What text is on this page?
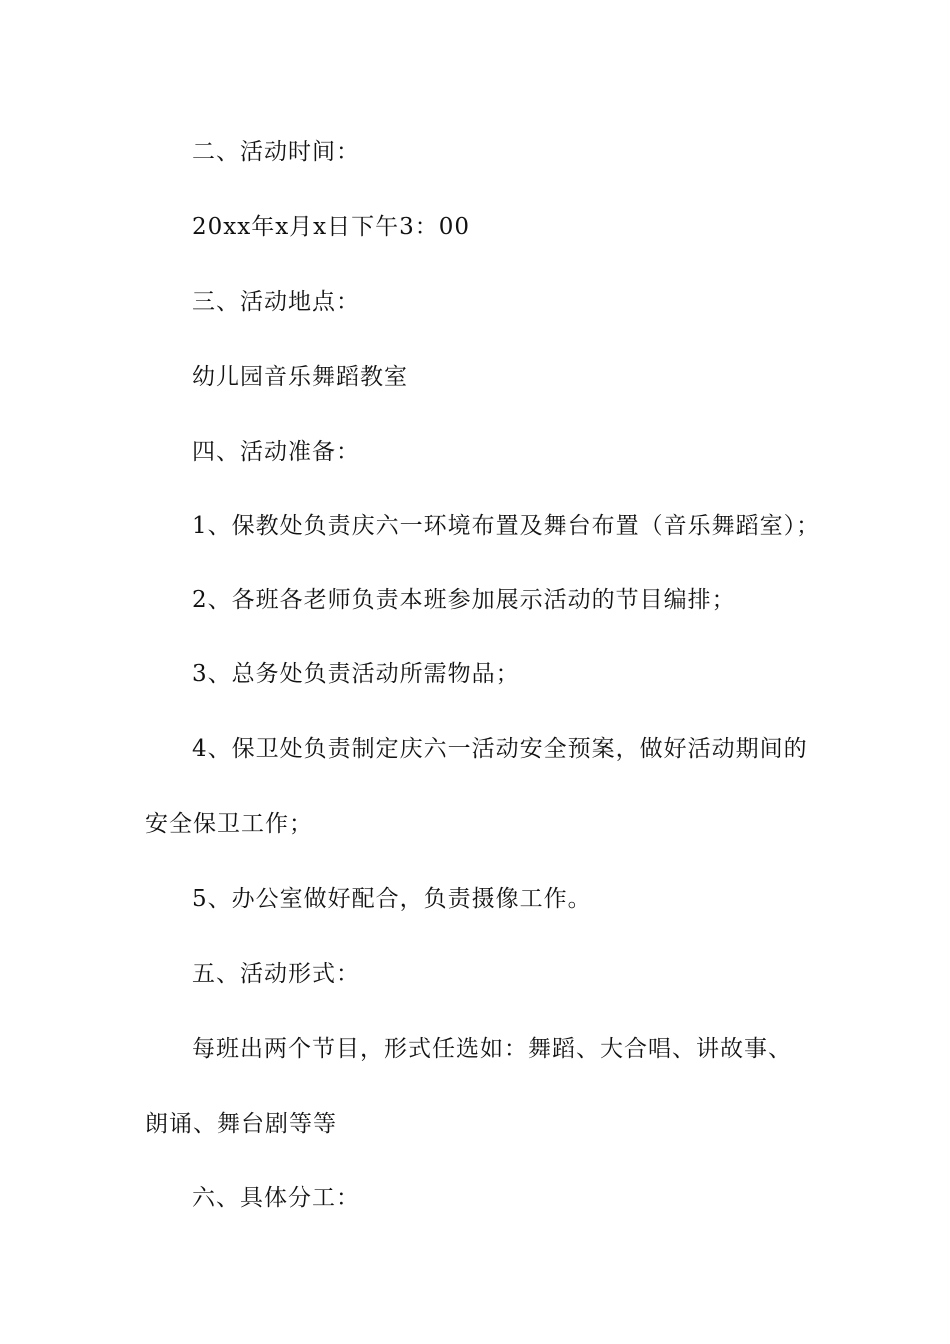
二、活动时间：
20xx年x月x日下午3：00
三、活动地点：
幼儿园音乐舞蹈教室
四、活动准备：
1、保教处负责庆六一环境布置及舞台布置（音乐舞蹈室）；
2、各班各老师负责本班参加展示活动的节目编排；
3、总务处负责活动所需物品；
4、保卫处负责制定庆六一活动安全预案，做好活动期间的
安全保卫工作；
5、办公室做好配合，负责摄像工作。
五、活动形式：
每班出两个节目，形式任选如：舞蹈、大合唱、讲故事、
朗诵、舞台剧等等
六、具体分工：
